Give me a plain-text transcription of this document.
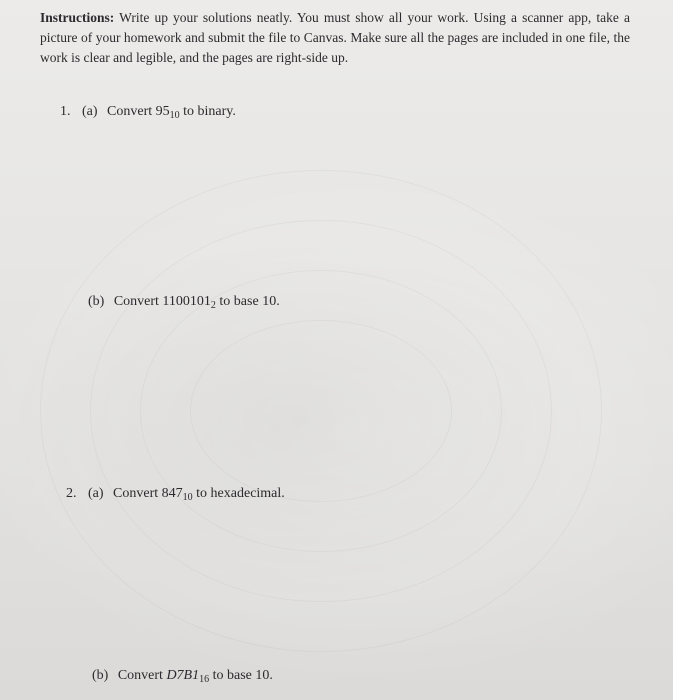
Instructions: Write up your solutions neatly. You must show all your work. Using a scanner app, take a picture of your homework and submit the file to Canvas. Make sure all the pages are included in one file, the work is clear and legible, and the pages are right-side up.
1. (a) Convert $95_{10}$ to binary.
(b) Convert $1100101_2$ to base 10.
2. (a) Convert $847_{10}$ to hexadecimal.
(b) Convert $D7B1_{16}$ to base 10.
